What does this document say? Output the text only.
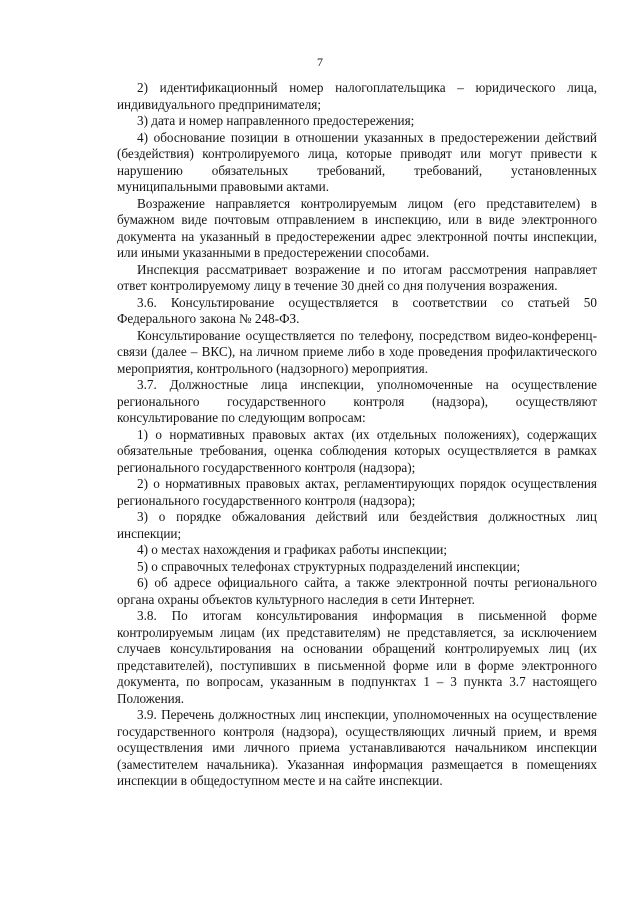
7

2) идентификационный номер налогоплательщика – юридического лица, индивидуального предпринимателя;

3) дата и номер направленного предостережения;

4) обоснование позиции в отношении указанных в предостережении действий (бездействия) контролируемого лица, которые приводят или могут привести к нарушению обязательных требований, требований, установленных муниципальными правовыми актами.

Возражение направляется контролируемым лицом (его представителем) в бумажном виде почтовым отправлением в инспекцию, или в виде электронного документа на указанный в предостережении адрес электронной почты инспекции, или иными указанными в предостережении способами.

Инспекция рассматривает возражение и по итогам рассмотрения направляет ответ контролируемому лицу в течение 30 дней со дня получения возражения.

3.6. Консультирование осуществляется в соответствии со статьей 50 Федерального закона № 248-ФЗ.

Консультирование осуществляется по телефону, посредством видео-конференц-связи (далее – ВКС), на личном приеме либо в ходе проведения профилактического мероприятия, контрольного (надзорного) мероприятия.

3.7. Должностные лица инспекции, уполномоченные на осуществление регионального государственного контроля (надзора), осуществляют консультирование по следующим вопросам:

1) о нормативных правовых актах (их отдельных положениях), содержащих обязательные требования, оценка соблюдения которых осуществляется в рамках регионального государственного контроля (надзора);

2) о нормативных правовых актах, регламентирующих порядок осуществления регионального государственного контроля (надзора);

3) о порядке обжалования действий или бездействия должностных лиц инспекции;

4) о местах нахождения и графиках работы инспекции;

5) о справочных телефонах структурных подразделений инспекции;

6) об адресе официального сайта, а также электронной почты регионального органа охраны объектов культурного наследия в сети Интернет.

3.8. По итогам консультирования информация в письменной форме контролируемым лицам (их представителям) не представляется, за исключением случаев консультирования на основании обращений контролируемых лиц (их представителей), поступивших в письменной форме или в форме электронного документа, по вопросам, указанным в подпунктах 1 – 3 пункта 3.7 настоящего Положения.

3.9. Перечень должностных лиц инспекции, уполномоченных на осуществление государственного контроля (надзора), осуществляющих личный прием, и время осуществления ими личного приема устанавливаются начальником инспекции (заместителем начальника). Указанная информация размещается в помещениях инспекции в общедоступном месте и на сайте инспекции.
